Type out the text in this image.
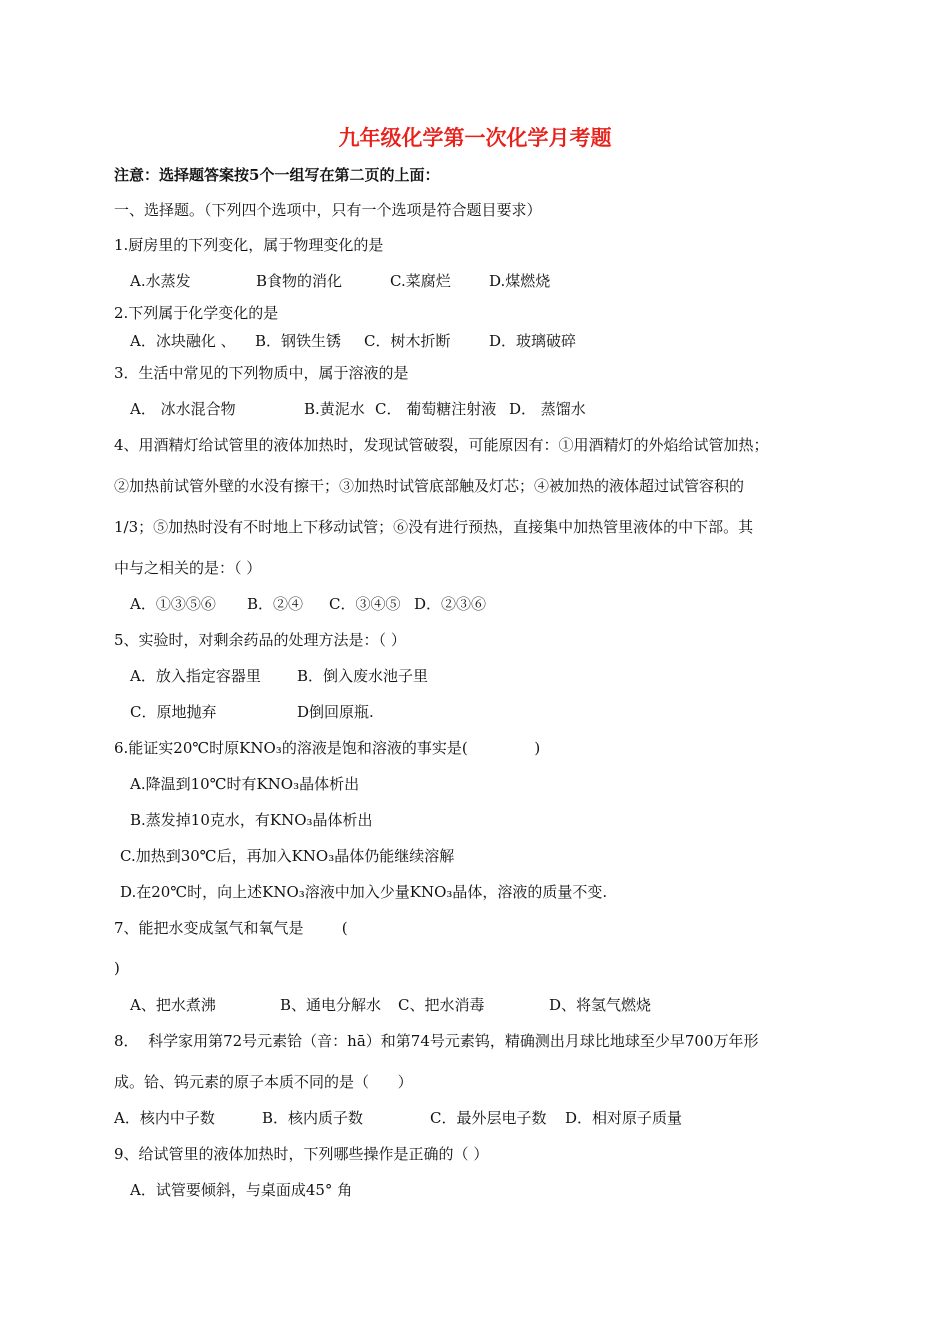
九年级化学第一次化学月考题
注意：选择题答案按5个一组写在第二页的上面：
一、选择题。（下列四个选项中，只有一个选项是符合题目要求）
1.厨房里的下列变化，属于物理变化的是
A.水蒸发	B食物的消化	C.菜腐烂	D.煤燃烧
2.下列属于化学变化的是
A．冰块融化 、 B．钢铁生锈 C．树木折断	D．玻璃破碎
3．生活中常见的下列物质中，属于溶液的是
A． 冰水混合物	B.黄泥水 C． 葡萄糖注射液 D． 蒸馏水
4、用酒精灯给试管里的液体加热时，发现试管破裂，可能原因有：①用酒精灯的外焰给试管加热；
②加热前试管外壁的水没有擦干；③加热时试管底部触及灯芯；④被加热的液体超过试管容积的
1/3；⑤加热时没有不时地上下移动试管；⑥没有进行预热，直接集中加热管里液体的中下部。其
中与之相关的是：（ ）
A．①③⑤⑥ B．②④ C．③④⑤ D．②③⑥
5、实验时，对剩余药品的处理方法是：（ ）
A．放入指定容器里 B．倒入废水池子里
C．原地抛弃	D倒回原瓶.
6.能证实20℃时原KNO₃的溶液是饱和溶液的事实是(              )
A.降温到10℃时有KNO₃晶体析出
B.蒸发掉10克水，有KNO₃晶体析出
C.加热到30℃后，再加入KNO₃晶体仍能继续溶解
D.在20℃时，向上述KNO₃溶液中加入少量KNO₃晶体，溶液的质量不变.
7、能把水变成氢气和氧气是        (
)
A、把水煮沸	B、通电分解水 C、把水消毒	D、将氢气燃烧
8．  科学家用第72号元素铪（音：hā）和第74号元素钨，精确测出月球比地球至少早700万年形
成。铪、钨元素的原子本质不同的是（      ）
A．核内中子数	B．核内质子数	C．最外层电子数 D．相对原子质量
9、给试管里的液体加热时，下列哪些操作是正确的（ ）
A．试管要倾斜，与桌面成45° 角
